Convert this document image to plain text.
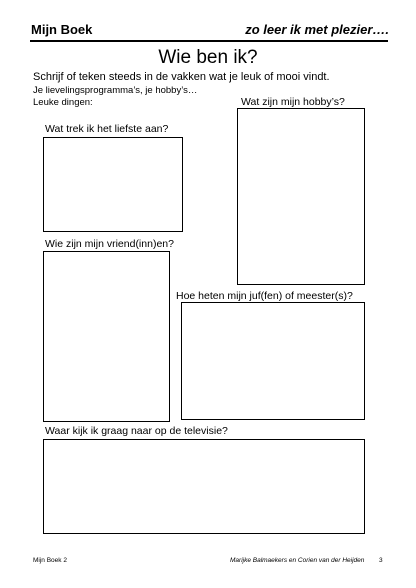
Mijn Boek	zo leer ik met plezier….
Wie ben ik?
Schrijf of teken steeds in de vakken wat je leuk of mooi vindt.
Je lievelingsprogramma’s, je hobby’s…
Leuke dingen:	Wat zijn mijn hobby’s?
Wat trek ik het liefste aan?
Wie zijn mijn vriend(inn)en?
Hoe heten mijn juf(fen) of meester(s)?
Waar kijk ik graag naar op de televisie?
Mijn Boek 2	Marijke Balmaekers en Corien van der Heijden 3
